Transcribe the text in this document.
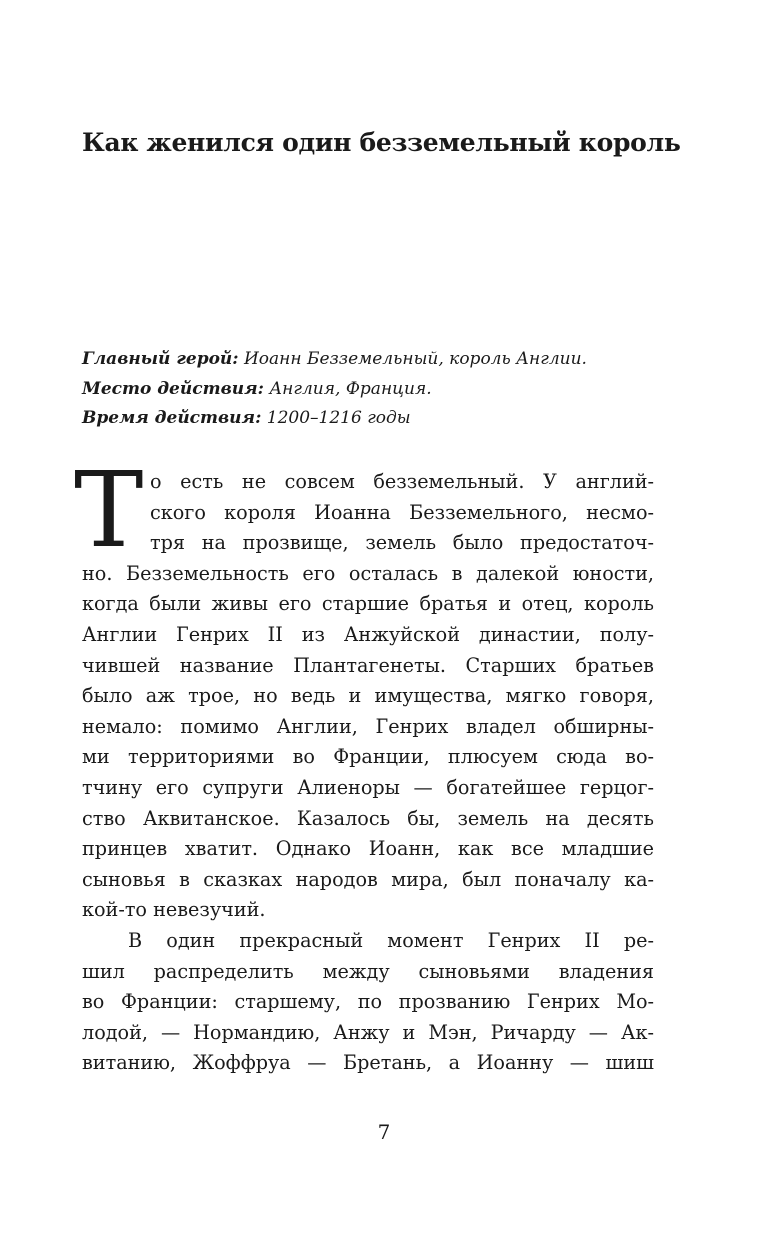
Как женился один безземельный король
Главный герой: Иоанн Безземельный, король Англии.
Место действия: Англия, Франция.
Время действия: 1200–1216 годы
Т о есть не совсем безземельный. У англий-
ского короля Иоанна Безземельного, несмо-
тря на прозвище, земель было предостаточ-
но. Безземельность его осталась в далекой юности,
когда были живы его старшие братья и отец, король
Англии Генрих II из Анжуйской династии, полу-
чившей название Плантагенеты. Старших братьев
было аж трое, но ведь и имущества, мягко говоря,
немало: помимо Англии, Генрих владел обширны-
ми территориями во Франции, плюсуем сюда во-
тчину его супруги Алиеноры — богатейшее герцог-
ство Аквитанское. Казалось бы, земель на десять
принцев хватит. Однако Иоанн, как все младшие
сыновья в сказках народов мира, был поначалу ка-
кой-то невезучий.
В один прекрасный момент Генрих II ре-
шил распределить между сыновьями владения
во Франции: старшему, по прозванию Генрих Мо-
лодой, — Нормандию, Анжу и Мэн, Ричарду — Ак-
витанию, Жоффруа — Бретань, а Иоанну — шиш
7
